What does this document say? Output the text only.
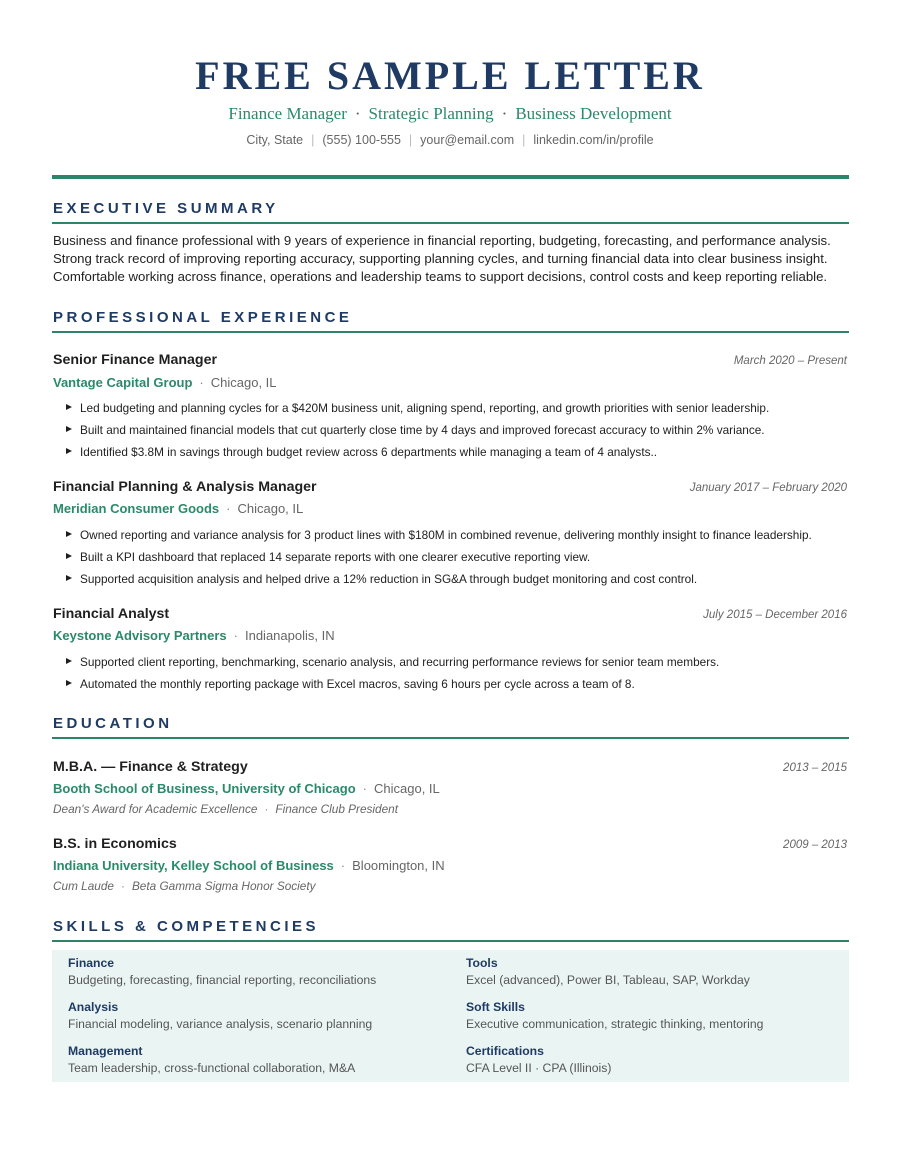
FREE SAMPLE LETTER
Finance Manager · Strategic Planning · Business Development
City, State | (555) 100-555 | your@email.com | linkedin.com/in/profile
EXECUTIVE SUMMARY
Business and finance professional with 9 years of experience in financial reporting, budgeting, forecasting, and performance analysis. Strong track record of improving reporting accuracy, supporting planning cycles, and turning financial data into clear business insight. Comfortable working across finance, operations and leadership teams to support decisions, control costs and keep reporting reliable.
PROFESSIONAL EXPERIENCE
Senior Finance Manager	March 2020 – Present
Vantage Capital Group · Chicago, IL
Led budgeting and planning cycles for a $420M business unit, aligning spend, reporting, and growth priorities with senior leadership.
Built and maintained financial models that cut quarterly close time by 4 days and improved forecast accuracy to within 2% variance.
Identified $3.8M in savings through budget review across 6 departments while managing a team of 4 analysts..
Financial Planning & Analysis Manager	January 2017 – February 2020
Meridian Consumer Goods · Chicago, IL
Owned reporting and variance analysis for 3 product lines with $180M in combined revenue, delivering monthly insight to finance leadership.
Built a KPI dashboard that replaced 14 separate reports with one clearer executive reporting view.
Supported acquisition analysis and helped drive a 12% reduction in SG&A through budget monitoring and cost control.
Financial Analyst	July 2015 – December 2016
Keystone Advisory Partners · Indianapolis, IN
Supported client reporting, benchmarking, scenario analysis, and recurring performance reviews for senior team members.
Automated the monthly reporting package with Excel macros, saving 6 hours per cycle across a team of 8.
EDUCATION
M.B.A. — Finance & Strategy	2013 – 2015
Booth School of Business, University of Chicago · Chicago, IL
Dean's Award for Academic Excellence · Finance Club President
B.S. in Economics	2009 – 2013
Indiana University, Kelley School of Business · Bloomington, IN
Cum Laude · Beta Gamma Sigma Honor Society
SKILLS & COMPETENCIES
Finance
Budgeting, forecasting, financial reporting, reconciliations
Tools
Excel (advanced), Power BI, Tableau, SAP, Workday
Analysis
Financial modeling, variance analysis, scenario planning
Soft Skills
Executive communication, strategic thinking, mentoring
Management
Team leadership, cross-functional collaboration, M&A
Certifications
CFA Level II · CPA (Illinois)
